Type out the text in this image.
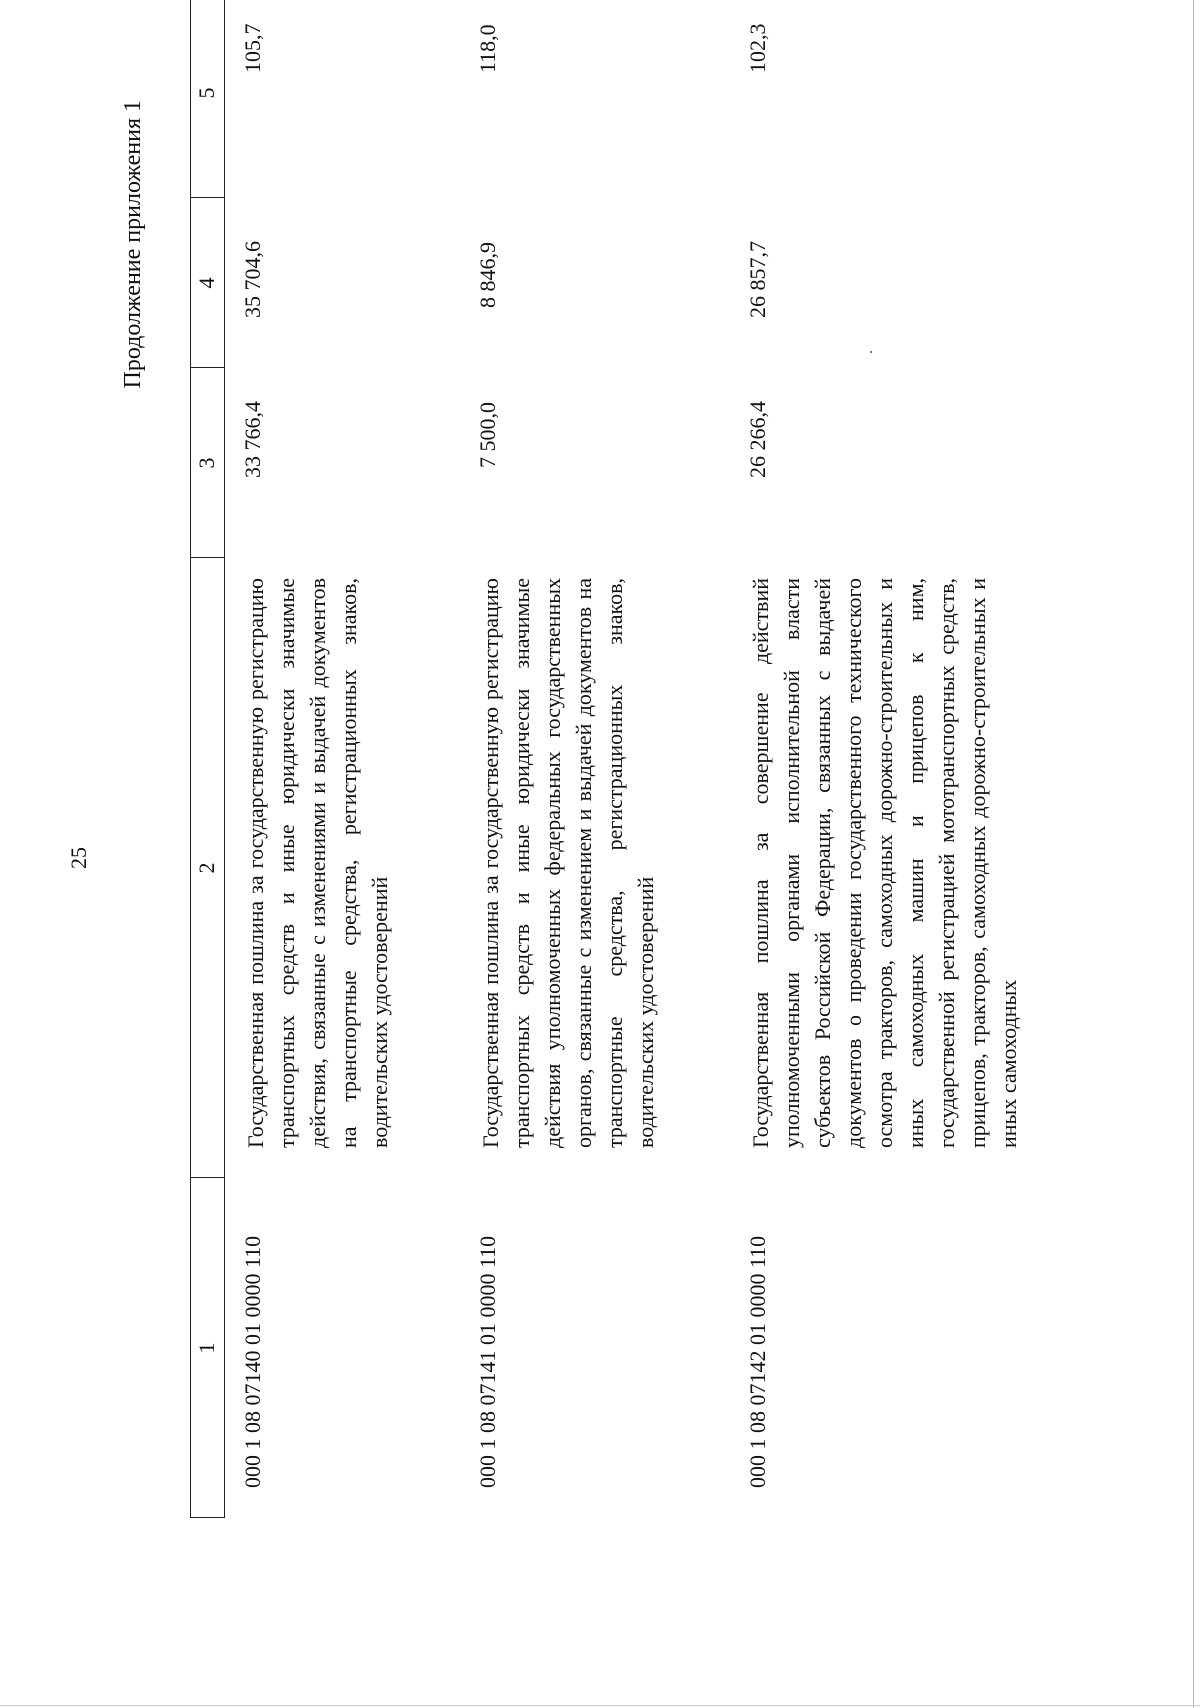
25
Продолжение приложения 1
1
2
3
4
5
000 1 08 07140 01 0000 110
Государственная пошлина за государственную регистрацию транспортных средств и иные юридически значимые действия, связанные с изменениями и выдачей документов на транспортные средства, регистрационных знаков, водительских удостоверений
33 766,4
35 704,6
105,7
000 1 08 07141 01 0000 110
Государственная пошлина за государственную регистрацию транспортных средств и иные юридически значимые действия уполномоченных федеральных государственных органов, связанные с изменением и выдачей документов на транспортные средства, регистрационных знаков, водительских удостоверений
7 500,0
8 846,9
118,0
000 1 08 07142 01 0000 110
Государственная пошлина за совершение действий уполномоченными органами исполнительной власти субъектов Российской Федерации, связанных с выдачей документов о проведении государственного технического осмотра тракторов, самоходных дорожно-строительных и иных самоходных машин и прицепов к ним, государственной регистрацией мототранспортных средств, прицепов, тракторов, самоходных дорожно-строительных и иных самоходных
26 266,4
26 857,7
102,3
